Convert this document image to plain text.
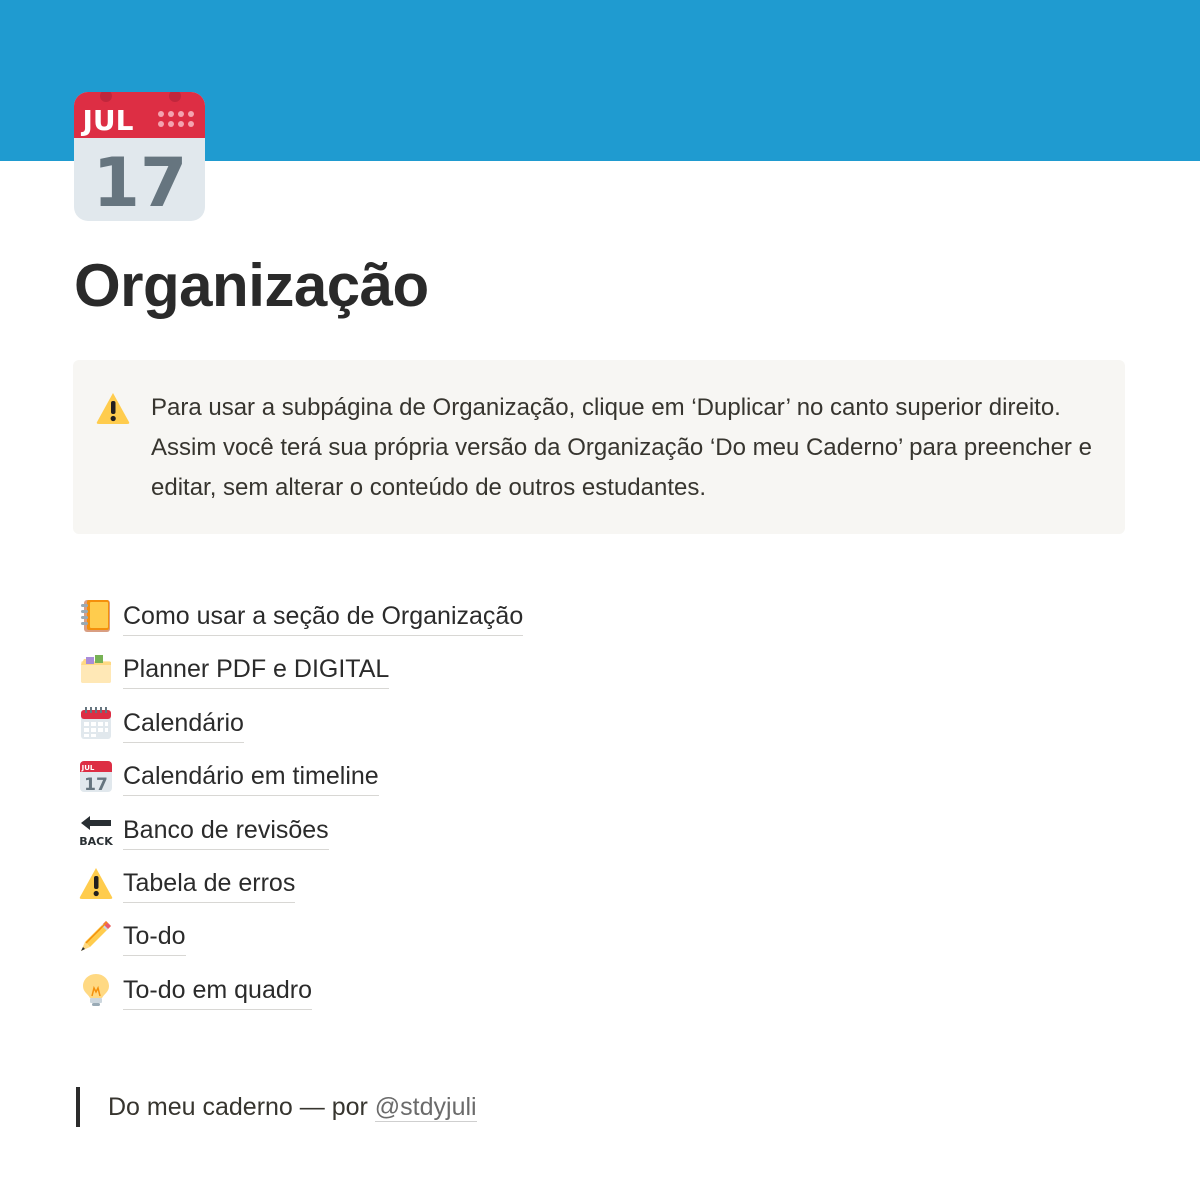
JUL
17
Organização

Para usar a subpágina de Organização, clique em ‘Duplicar’ no canto superior direito. Assim você terá sua própria versão da Organização ‘Do meu Caderno’ para preencher e editar, sem alterar o conteúdo de outros estudantes.

Como usar a seção de Organização
Planner PDF e DIGITAL
Calendário
JUL
17 Calendário em timeline
BACK Banco de revisões
Tabela de erros
To-do
To-do em quadro
Do meu caderno — por @stdyjuli
